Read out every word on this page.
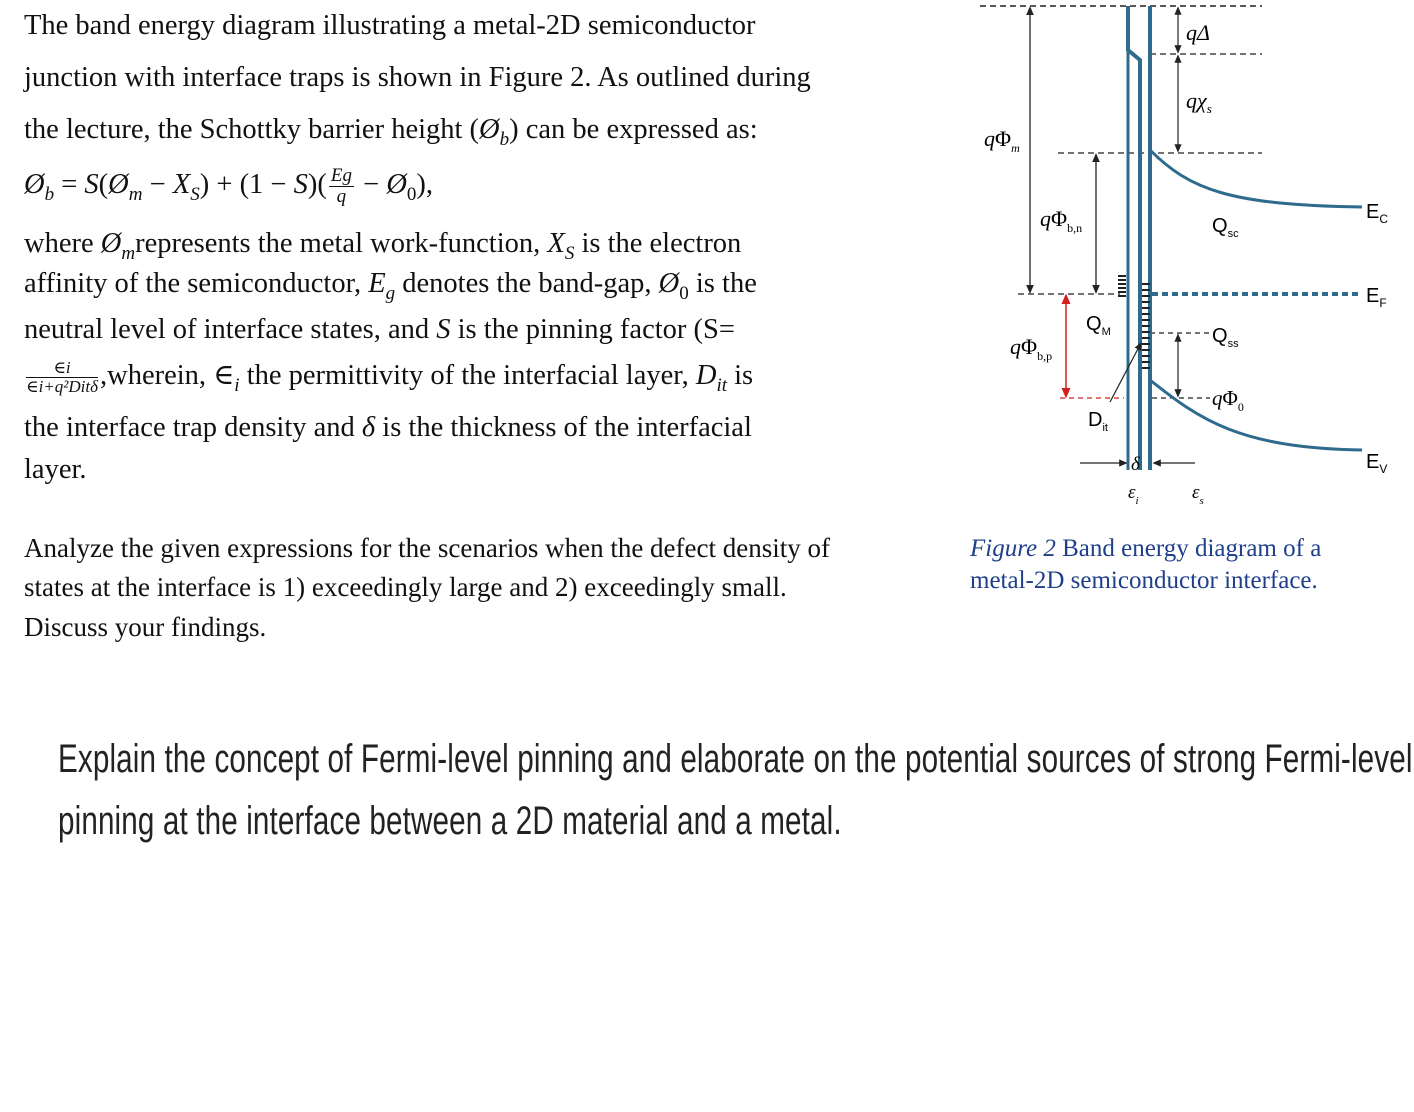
The band energy diagram illustrating a metal-2D semiconductor
junction with interface traps is shown in Figure 2. As outlined during
the lecture, the Schottky barrier height $(Ø_b)$ can be expressed as:
$Ø_b$ = $S(Ø_m - X_S) + (1 - S)( \frac{Eg}{q}$ − $Ø_0$),
where $Ø_mrepresents$ the metal work-function, $X_S$ is the electron
affinity of the semiconductor, $E_g$ denotes the band-gap, $Ø_0$ is the
neutral level of interface states, and S is the pinning factor (S=
$\frac{\in i}{\text{∈i+q²Ditδ}}$ ,wherein, $\in_i$ the permittivity of the interfacial layer, $D_{it}$ is
the interface trap density and δ is the thickness of the interfacial
layer.
Analyze the given expressions for the scenarios when the defect density of
states at the interface is 1) exceedingly large and 2) exceedingly small.
Discuss your findings.
qΔ
$q\chi_s$
$q\Phi_m$
$q\Phi_{b,n}$
$q\Phi_{b,p}$
$q\Phi_0$
$Q_{sc}$
$Q_M$	$Q_{ss}$
$D_{it}$
$E_C$
$E_F$
$E_V$
δ
$\varepsilon_i$	$\varepsilon_s$
Figure 2 Band energy diagram of a
metal-2D semiconductor interface.
Explain the concept of Fermi-level pinning and elaborate on the potential sources of strong Fermi-level
pinning at the interface between a 2D material and a metal.
